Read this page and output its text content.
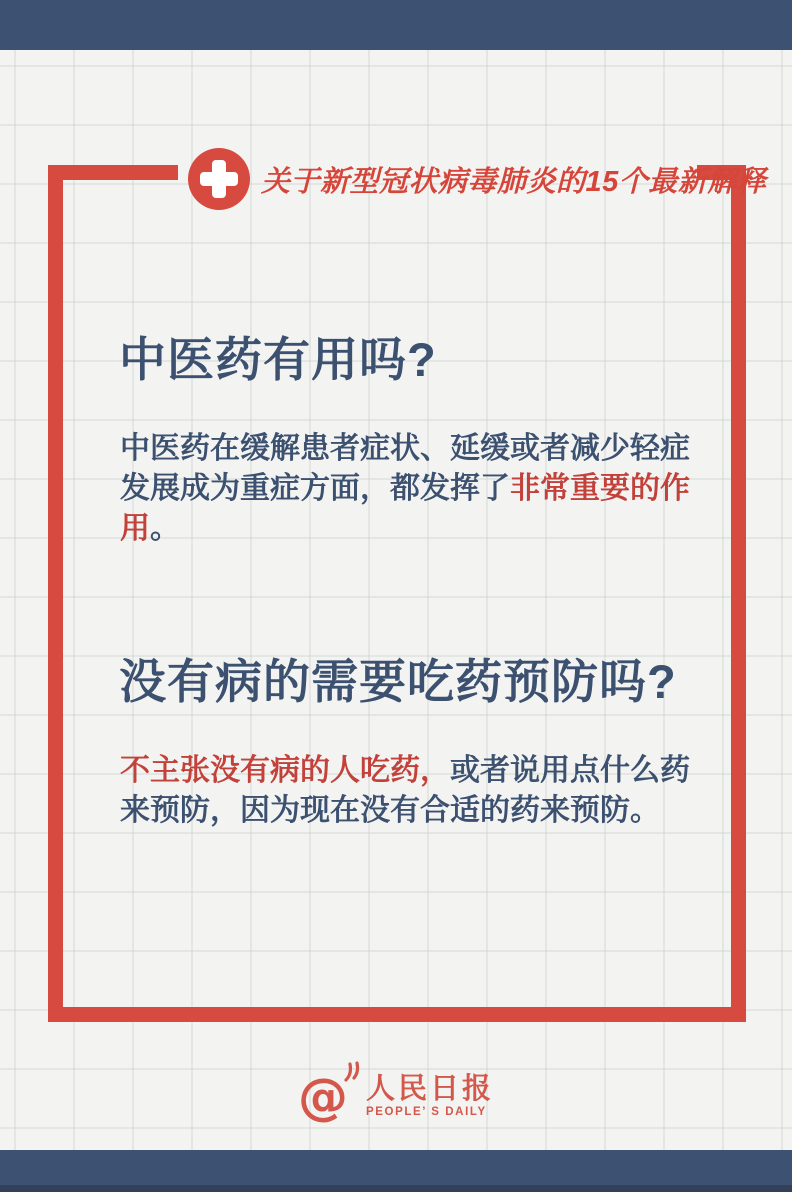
关于新型冠状病毒肺炎的15个最新解释
中医药有用吗?

中医药在缓解患者症状、延缓或者减少轻症发展成为重症方面，都发挥了非常重要的作用。

没有病的需要吃药预防吗?

不主张没有病的人吃药，或者说用点什么药来预防，因为现在没有合适的药来预防。

@ 人民日报
PEOPLE’ S DAILY
